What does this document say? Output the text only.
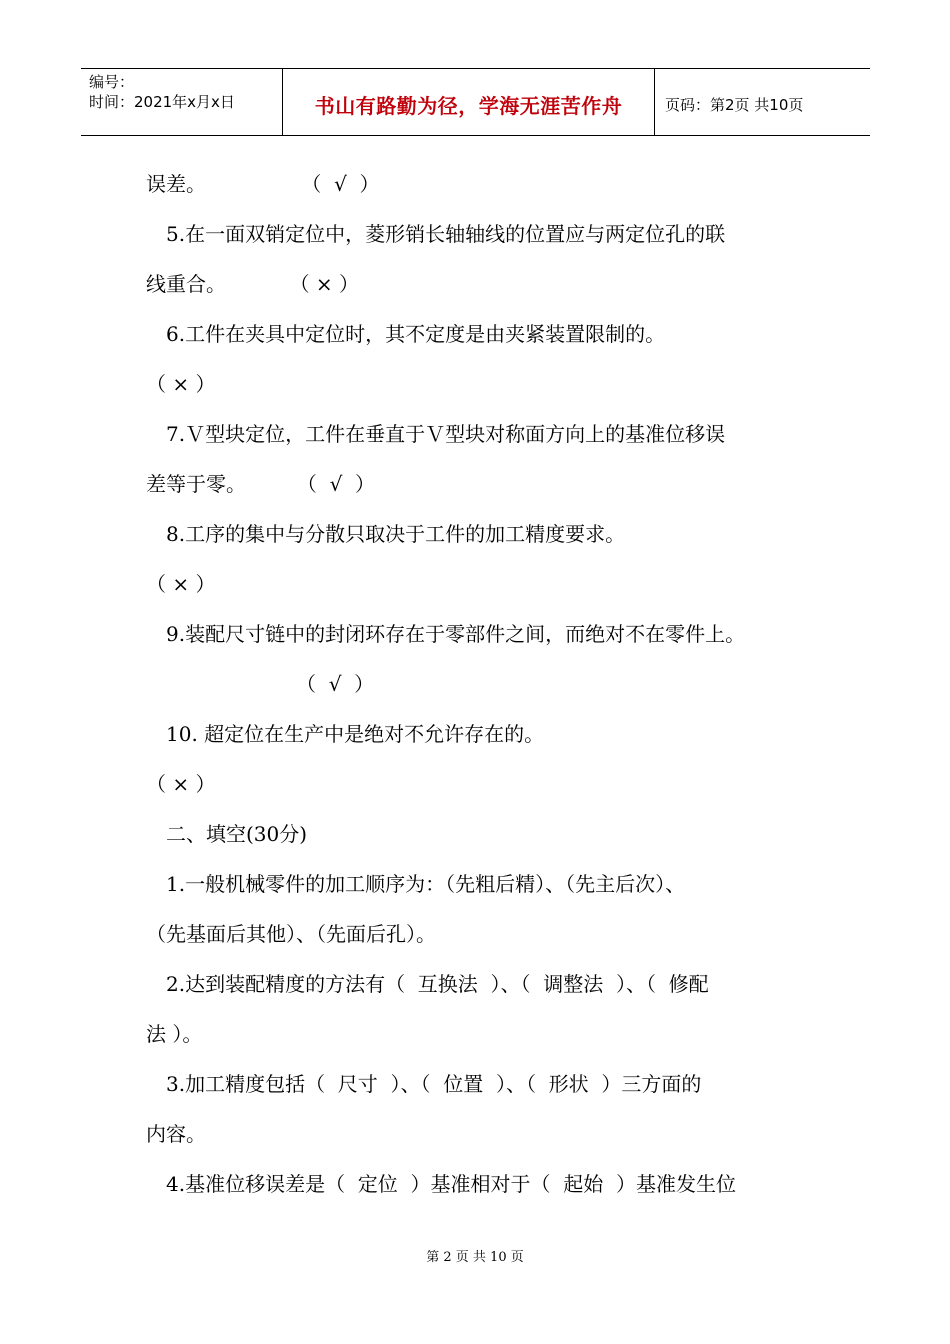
编号：
时间：2021年x月x日	书山有路勤为径，学海无涯苦作舟	页码：第2页 共10页
误差。               （  √  ）
5.在一面双销定位中，菱形销长轴轴线的位置应与两定位孔的联
线重合。          （ × ）
6.工件在夹具中定位时，其不定度是由夹紧装置限制的。
（ × ）
7.Ｖ型块定位，工件在垂直于Ｖ型块对称面方向上的基准位移误
差等于零。        （  √  ）
8.工序的集中与分散只取决于工件的加工精度要求。
（ × ）
9.装配尺寸链中的封闭环存在于零部件之间，而绝对不在零件上。
（  √  ）
10. 超定位在生产中是绝对不允许存在的。
（ × ）
二、填空(30分)
1.一般机械零件的加工顺序为：（先粗后精）、（先主后次）、
（先基面后其他）、（先面后孔）。
2.达到装配精度的方法有（  互换法  ）、（  调整法  ）、（  修配
法 ）。
3.加工精度包括（  尺寸  ）、（  位置  ）、（  形状  ）三方面的
内容。
4.基准位移误差是（  定位  ）基准相对于（  起始  ）基准发生位
第 2 页 共 10 页
